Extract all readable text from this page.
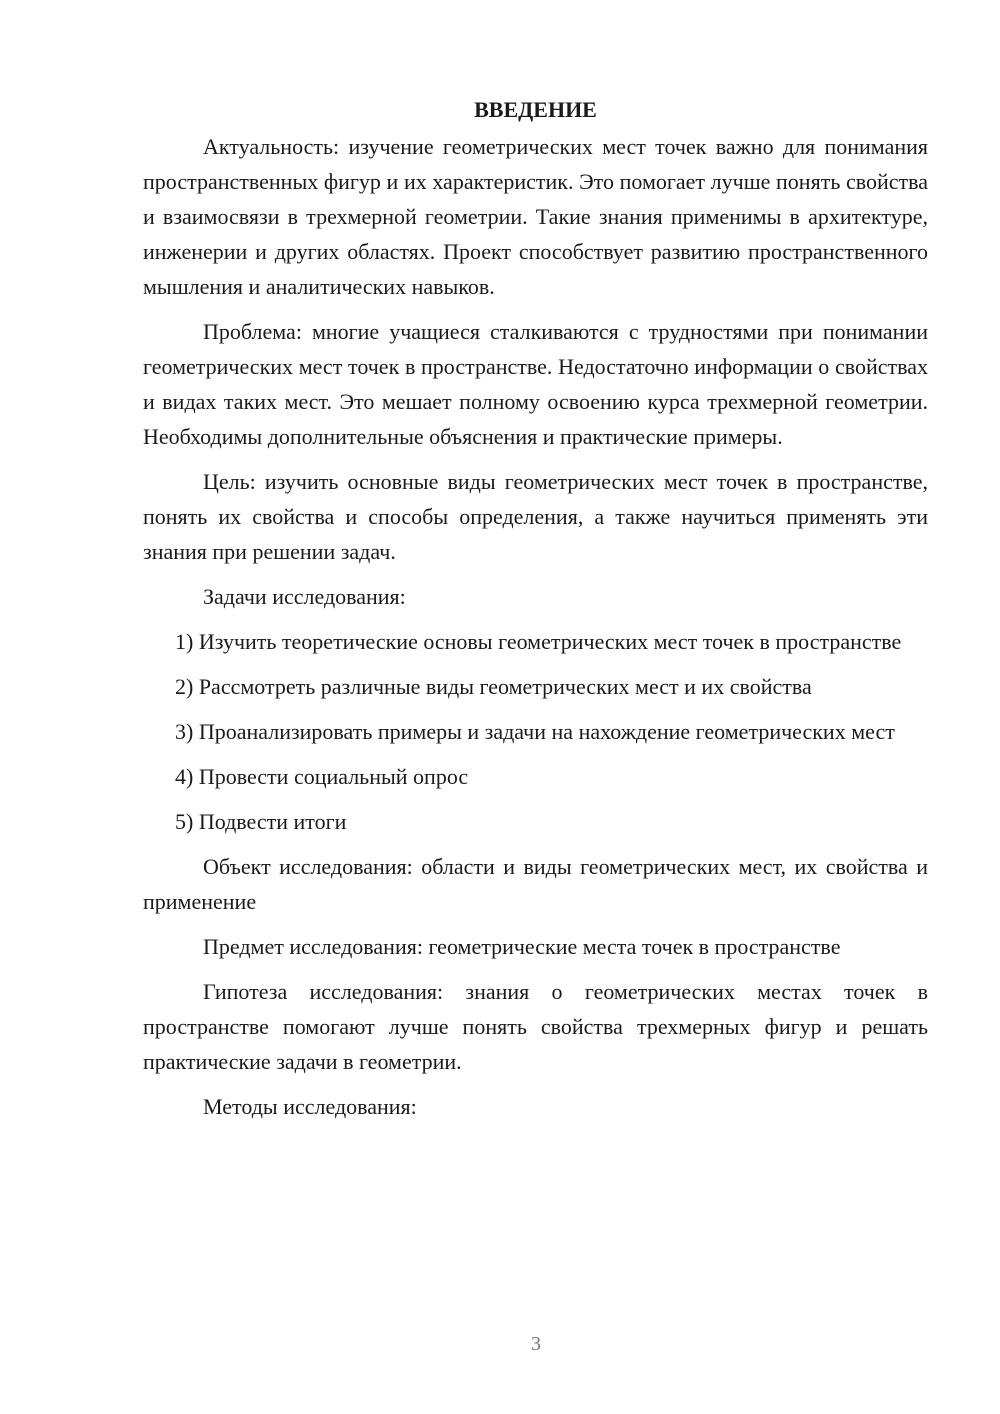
ВВЕДЕНИЕ

Актуальность: изучение геометрических мест точек важно для понимания пространственных фигур и их характеристик. Это помогает лучше понять свойства и взаимосвязи в трехмерной геометрии. Такие знания применимы в архитектуре, инженерии и других областях. Проект способствует развитию пространственного мышления и аналитических навыков.

Проблема: многие учащиеся сталкиваются с трудностями при понимании геометрических мест точек в пространстве. Недостаточно информации о свойствах и видах таких мест. Это мешает полному освоению курса трехмерной геометрии. Необходимы дополнительные объяснения и практические примеры.

Цель: изучить основные виды геометрических мест точек в пространстве, понять их свойства и способы определения, а также научиться применять эти знания при решении задач.

Задачи исследования:

1) Изучить теоретические основы геометрических мест точек в пространстве

2) Рассмотреть различные виды геометрических мест и их свойства

3) Проанализировать примеры и задачи на нахождение геометрических мест

4) Провести социальный опрос

5) Подвести итоги

Объект исследования: области и виды геометрических мест, их свойства и применение

Предмет исследования: геометрические места точек в пространстве

Гипотеза исследования: знания о геометрических местах точек в пространстве помогают лучше понять свойства трехмерных фигур и решать практические задачи в геометрии.

Методы исследования:

3
